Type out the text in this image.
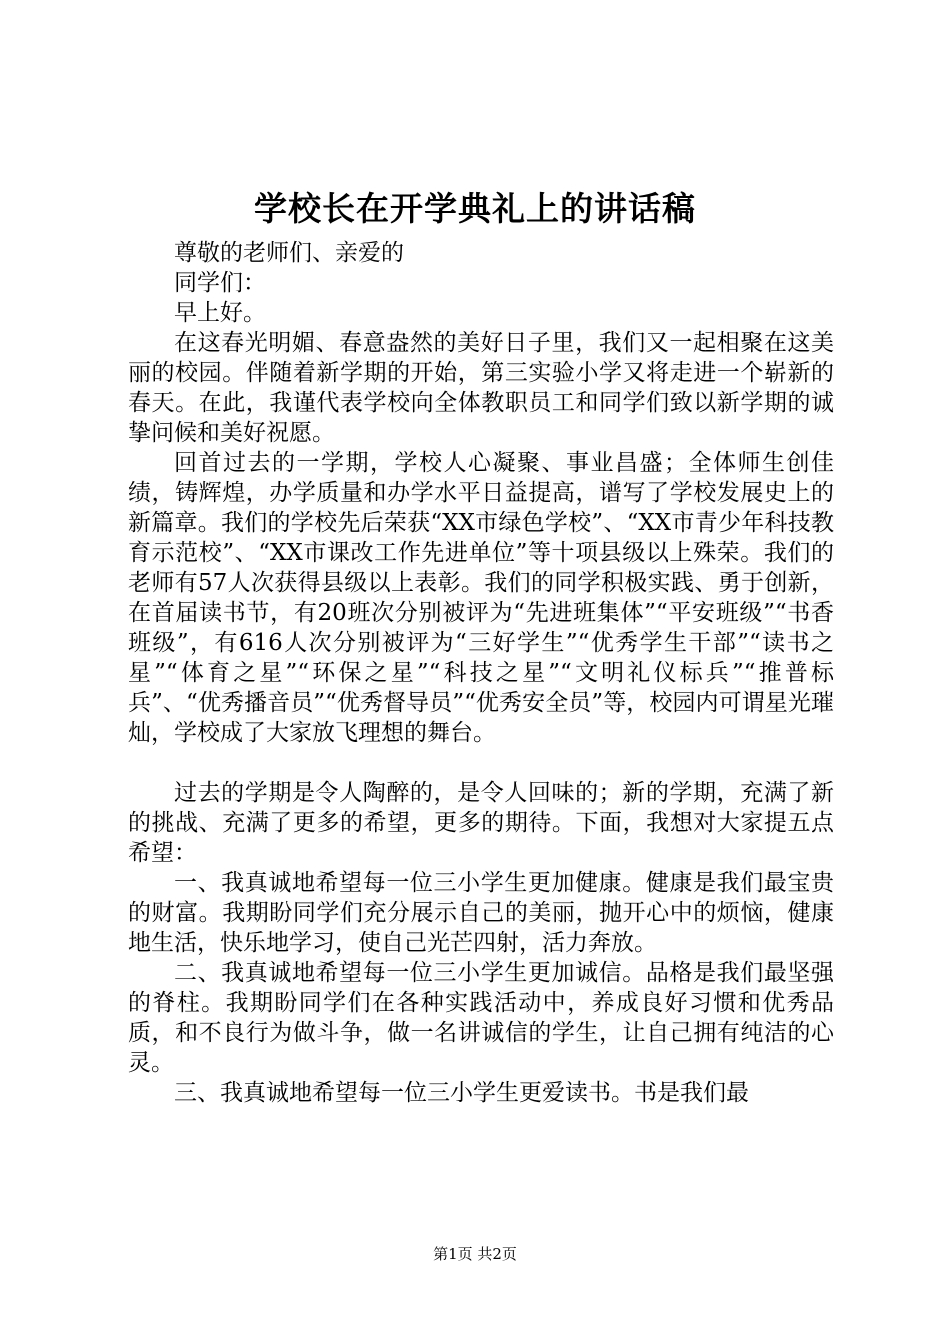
学校长在开学典礼上的讲话稿

尊敬的老师们、亲爱的

同学们：

早上好。

在这春光明媚、春意盎然的美好日子里，我们又一起相聚在这美丽的校园。伴随着新学期的开始，第三实验小学又将走进一个崭新的春天。在此，我谨代表学校向全体教职员工和同学们致以新学期的诚挚问候和美好祝愿。

回首过去的一学期，学校人心凝聚、事业昌盛；全体师生创佳绩，铸辉煌，办学质量和办学水平日益提高，谱写了学校发展史上的新篇章。我们的学校先后荣获“XX市绿色学校”、“XX市青少年科技教育示范校”、“XX市课改工作先进单位”等十项县级以上殊荣。我们的老师有57人次获得县级以上表彰。我们的同学积极实践、勇于创新，在首届读书节，有20班次分别被评为“先进班集体”“平安班级”“书香班级”，有616人次分别被评为“三好学生”“优秀学生干部”“读书之星”“体育之星”“环保之星”“科技之星”“文明礼仪标兵”“推普标兵”、“优秀播音员”“优秀督导员”“优秀安全员”等，校园内可谓星光璀灿，学校成了大家放飞理想的舞台。

过去的学期是令人陶醉的，是令人回味的；新的学期，充满了新的挑战、充满了更多的希望，更多的期待。下面，我想对大家提五点希望：

一、我真诚地希望每一位三小学生更加健康。健康是我们最宝贵的财富。我期盼同学们充分展示自己的美丽，抛开心中的烦恼，健康地生活，快乐地学习，使自己光芒四射，活力奔放。

二、我真诚地希望每一位三小学生更加诚信。品格是我们最坚强的脊柱。我期盼同学们在各种实践活动中，养成良好习惯和优秀品质，和不良行为做斗争，做一名讲诚信的学生，让自己拥有纯洁的心灵。

三、我真诚地希望每一位三小学生更爱读书。书是我们最

第1页 共2页
